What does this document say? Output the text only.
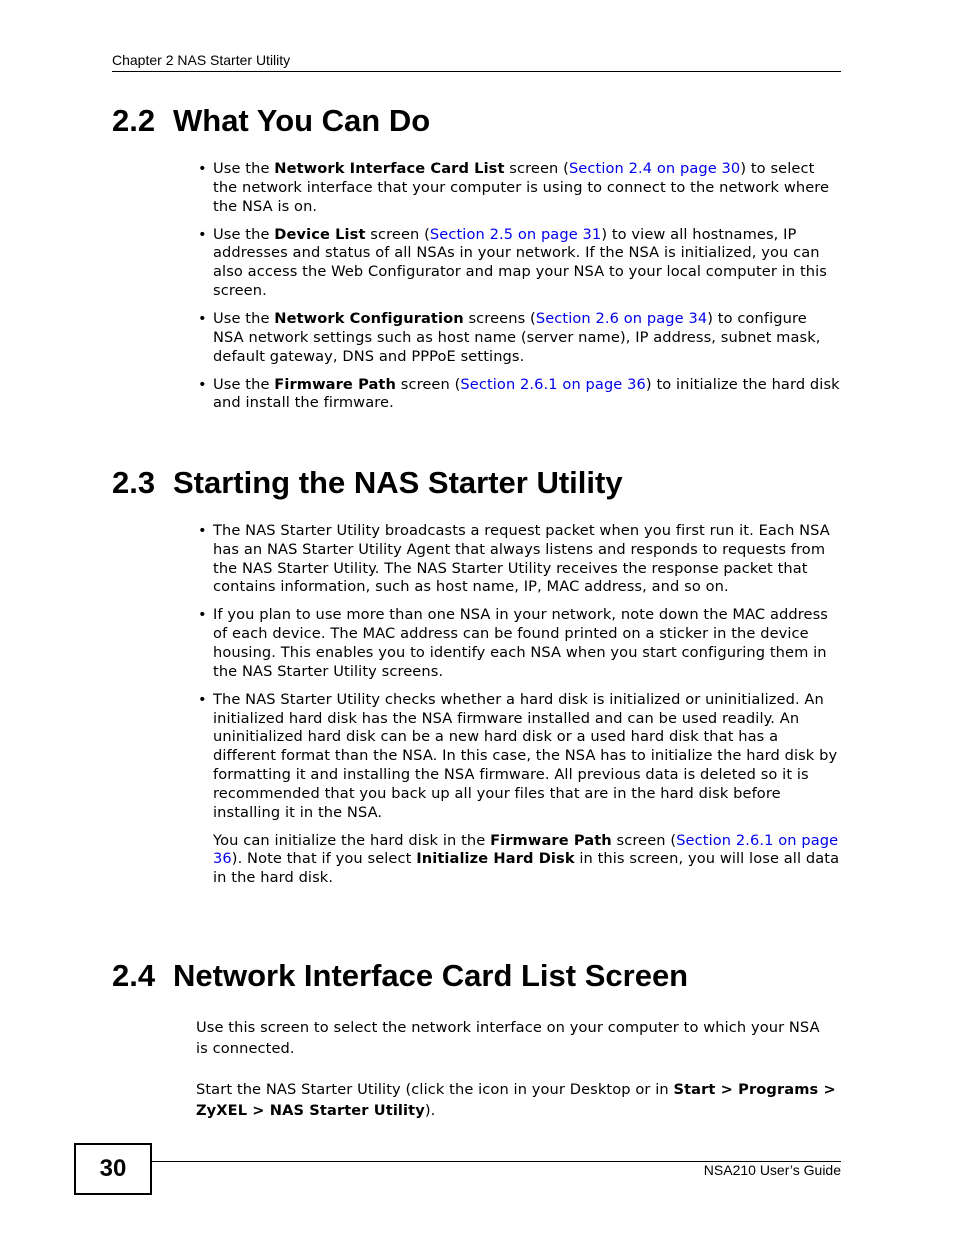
Chapter 2 NAS Starter Utility
2.2 What You Can Do
• Use the Network Interface Card List screen (Section 2.4 on page 30) to select the network interface that your computer is using to connect to the network where the NSA is on.
• Use the Device List screen (Section 2.5 on page 31) to view all hostnames, IP addresses and status of all NSAs in your network. If the NSA is initialized, you can also access the Web Configurator and map your NSA to your local computer in this screen.
• Use the Network Configuration screens (Section 2.6 on page 34) to configure NSA network settings such as host name (server name), IP address, subnet mask, default gateway, DNS and PPPoE settings.
• Use the Firmware Path screen (Section 2.6.1 on page 36) to initialize the hard disk and install the firmware.
2.3 Starting the NAS Starter Utility
• The NAS Starter Utility broadcasts a request packet when you first run it. Each NSA has an NAS Starter Utility Agent that always listens and responds to requests from the NAS Starter Utility. The NAS Starter Utility receives the response packet that contains information, such as host name, IP, MAC address, and so on.
• If you plan to use more than one NSA in your network, note down the MAC address of each device. The MAC address can be found printed on a sticker in the device housing. This enables you to identify each NSA when you start configuring them in the NAS Starter Utility screens.
• The NAS Starter Utility checks whether a hard disk is initialized or uninitialized. An initialized hard disk has the NSA firmware installed and can be used readily. An uninitialized hard disk can be a new hard disk or a used hard disk that has a different format than the NSA. In this case, the NSA has to initialize the hard disk by formatting it and installing the NSA firmware. All previous data is deleted so it is recommended that you back up all your files that are in the hard disk before installing it in the NSA.

You can initialize the hard disk in the Firmware Path screen (Section 2.6.1 on page 36). Note that if you select Initialize Hard Disk in this screen, you will lose all data in the hard disk.

2.4 Network Interface Card List Screen

Use this screen to select the network interface on your computer to which your NSA is connected.

Start the NAS Starter Utility (click the icon in your Desktop or in Start > Programs > ZyXEL > NAS Starter Utility).

30	NSA210 User’s Guide
